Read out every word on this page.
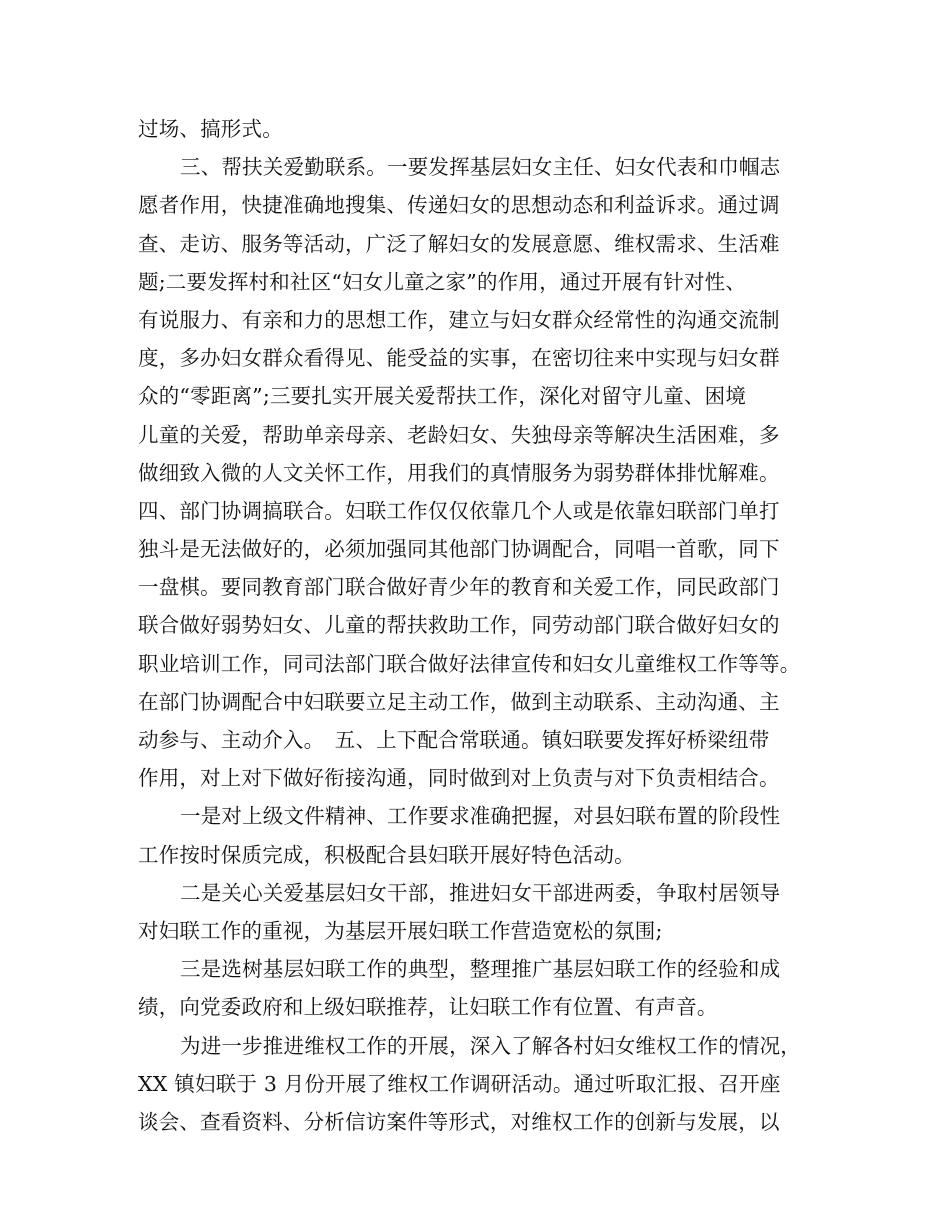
过场、搞形式。
三、帮扶关爱勤联系。一要发挥基层妇女主任、妇女代表和巾帼志
愿者作用，快捷准确地搜集、传递妇女的思想动态和利益诉求。通过调
查、走访、服务等活动，广泛了解妇女的发展意愿、维权需求、生活难
题;二要发挥村和社区“妇女儿童之家”的作用，通过开展有针对性、
有说服力、有亲和力的思想工作，建立与妇女群众经常性的沟通交流制
度，多办妇女群众看得见、能受益的实事，在密切往来中实现与妇女群
众的“零距离”;三要扎实开展关爱帮扶工作，深化对留守儿童、困境
儿童的关爱，帮助单亲母亲、老龄妇女、失独母亲等解决生活困难，多
做细致入微的人文关怀工作，用我们的真情服务为弱势群体排忧解难。
四、部门协调搞联合。妇联工作仅仅依靠几个人或是依靠妇联部门单打
独斗是无法做好的，必须加强同其他部门协调配合，同唱一首歌，同下
一盘棋。要同教育部门联合做好青少年的教育和关爱工作，同民政部门
联合做好弱势妇女、儿童的帮扶救助工作，同劳动部门联合做好妇女的
职业培训工作，同司法部门联合做好法律宣传和妇女儿童维权工作等等。
在部门协调配合中妇联要立足主动工作，做到主动联系、主动沟通、主
动参与、主动介入。　五、上下配合常联通。镇妇联要发挥好桥梁纽带
作用，对上对下做好衔接沟通，同时做到对上负责与对下负责相结合。
一是对上级文件精神、工作要求准确把握，对县妇联布置的阶段性
工作按时保质完成，积极配合县妇联开展好特色活动。
二是关心关爱基层妇女干部，推进妇女干部进两委，争取村居领导
对妇联工作的重视，为基层开展妇联工作营造宽松的氛围;
三是选树基层妇联工作的典型，整理推广基层妇联工作的经验和成
绩，向党委政府和上级妇联推荐，让妇联工作有位置、有声音。
为进一步推进维权工作的开展，深入了解各村妇女维权工作的情况，
XX 镇妇联于 3 月份开展了维权工作调研活动。通过听取汇报、召开座
谈会、查看资料、分析信访案件等形式，对维权工作的创新与发展，以
